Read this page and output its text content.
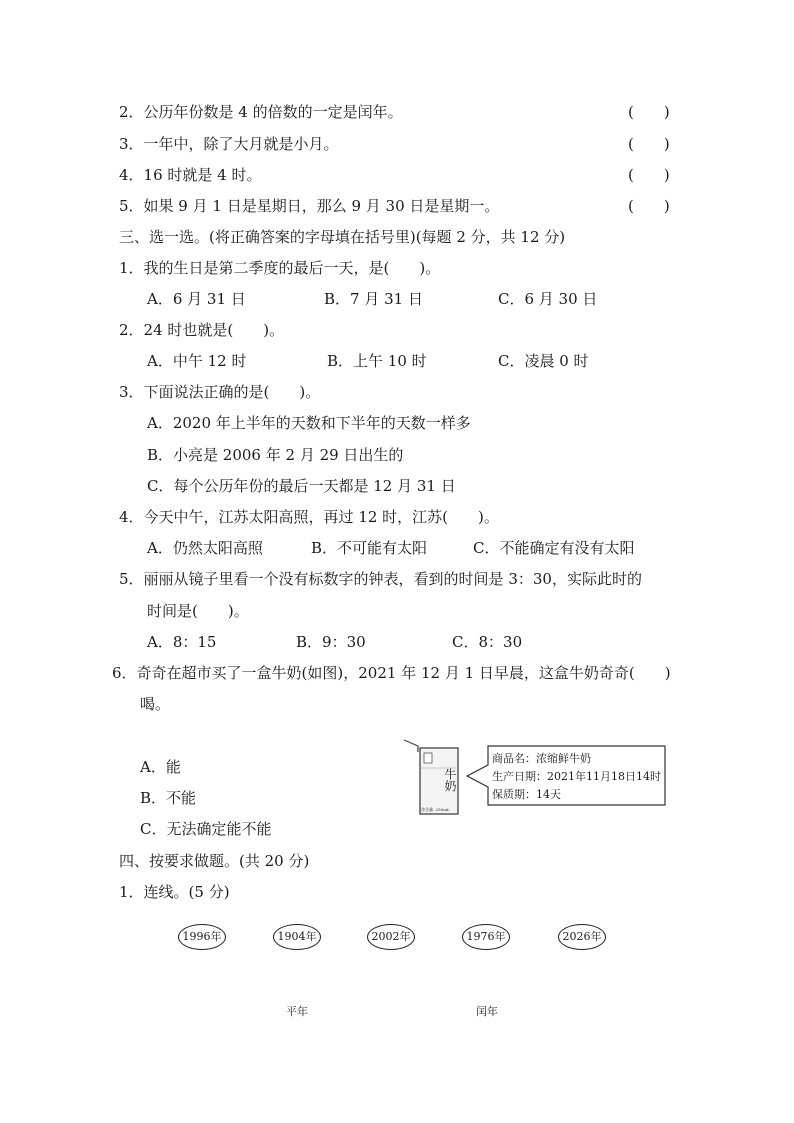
2．公历年份数是 4 的倍数的一定是闰年。	(　　)
3．一年中，除了大月就是小月。	(　　)
4．16 时就是 4 时。	(　　)
5．如果 9 月 1 日是星期日，那么 9 月 30 日是星期一。	(　　)
三、选一选。(将正确答案的字母填在括号里)(每题 2 分，共 12 分)
1．我的生日是第二季度的最后一天，是(　　)。
A．6 月 31 日	B．7 月 31 日	C．6 月 30 日
2．24 时也就是(　　)。
A．中午 12 时	B．上午 10 时	C．凌晨 0 时
3．下面说法正确的是(　　)。
A．2020 年上半年的天数和下半年的天数一样多
B．小亮是 2006 年 2 月 29 日出生的
C．每个公历年份的最后一天都是 12 月 31 日
4．今天中午，江苏太阳高照，再过 12 时，江苏(　　)。
A．仍然太阳高照	B．不可能有太阳	C．不能确定有没有太阳
5．丽丽从镜子里看一个没有标数字的钟表，看到的时间是 3：30，实际此时的
时间是(　　)。
A．8：15	B．9：30	C．8：30
6．奇奇在超市买了一盒牛奶(如图)，2021 年 12 月 1 日早晨，这盒牛奶奇奇(　　)
喝。
A．能
B．不能
C．无法确定能不能
牛奶
净含量: 250mL
商品名：浓缩鲜牛奶
生产日期：2021年11月18日14时
保质期：14天
四、按要求做题。(共 20 分)
1．连线。(5 分)
1996年	1904年	2002年	1976年	2026年
平年	闰年
